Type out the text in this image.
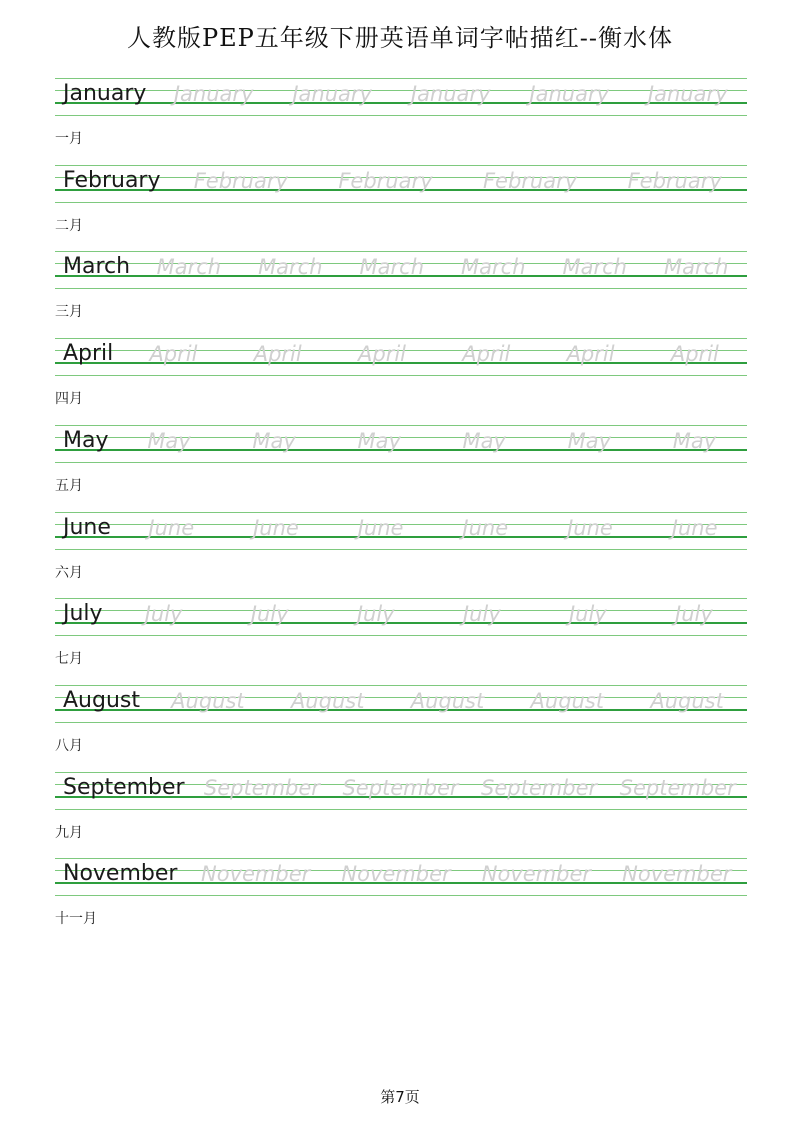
人教版PEP五年级下册英语单词字帖描红--衡水体
January	January January January January January
一月
February	February February February February
二月
March	March March March March March March
三月
April	April	April	April	April	April	April
四月
May	May	May	May	May	May	May
五月
June	June	June	June	June	June	June
六月
July	July	July	July	July	July	July
七月
August	August August August August August
八月
September September September September September
九月
November	November November November November
十一月
第7页
